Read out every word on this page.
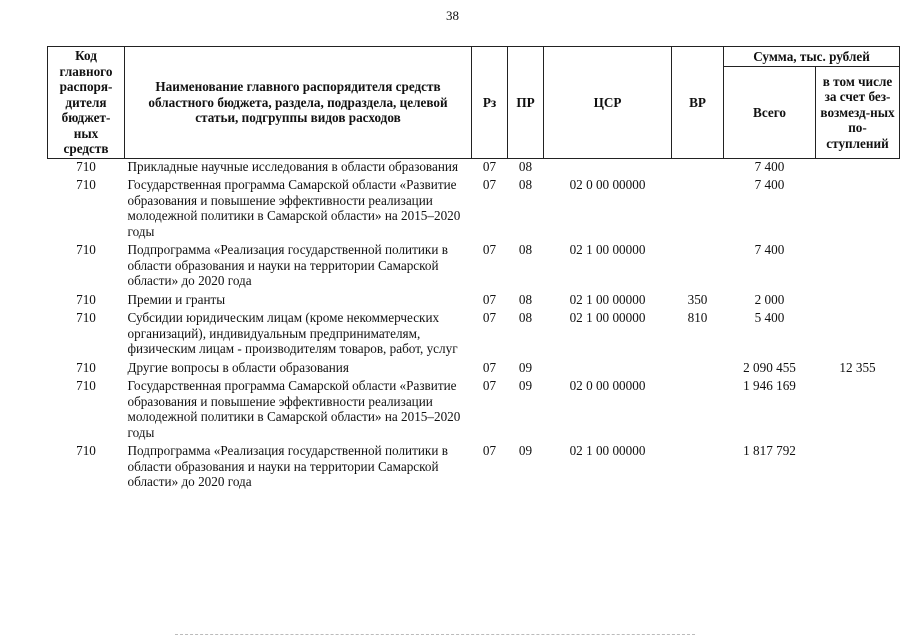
38
Код главного распоря-дителя бюджет-ных средств	Наименование главного распорядителя средств областного бюджета, раздела, подраздела, целевой статьи, подгруппы видов расходов	Рз	ПР	ЦСР	ВР	Сумма, тыс. рублей	
						Всего	в том числе за счет без-возмезд-ных по-ступлений
710	Прикладные научные исследования в области образования	07	08			7 400	
710	Государственная программа Самарской области «Развитие образования и повышение эффективности реализации молодежной политики в Самарской области» на 2015–2020 годы	07	08	02 0 00 00000		7 400	
710	Подпрограмма «Реализация государственной политики в области образования и науки на территории Самарской области» до 2020 года	07	08	02 1 00 00000		7 400	
710	Премии и гранты	07	08	02 1 00 00000	350	2 000	
710	Субсидии юридическим лицам (кроме некоммерческих организаций), индивидуальным предпринимателям, физическим лицам - производителям товаров, работ, услуг	07	08	02 1 00 00000	810	5 400	
710	Другие вопросы в области образования	07	09			2 090 455	12 355
710	Государственная программа Самарской области «Развитие образования и повышение эффективности реализации молодежной политики в Самарской области» на 2015–2020 годы	07	09	02 0 00 00000		1 946 169	
710	Подпрограмма «Реализация государственной политики в области образования и науки на территории Самарской области» до 2020 года	07	09	02 1 00 00000		1 817 792	
